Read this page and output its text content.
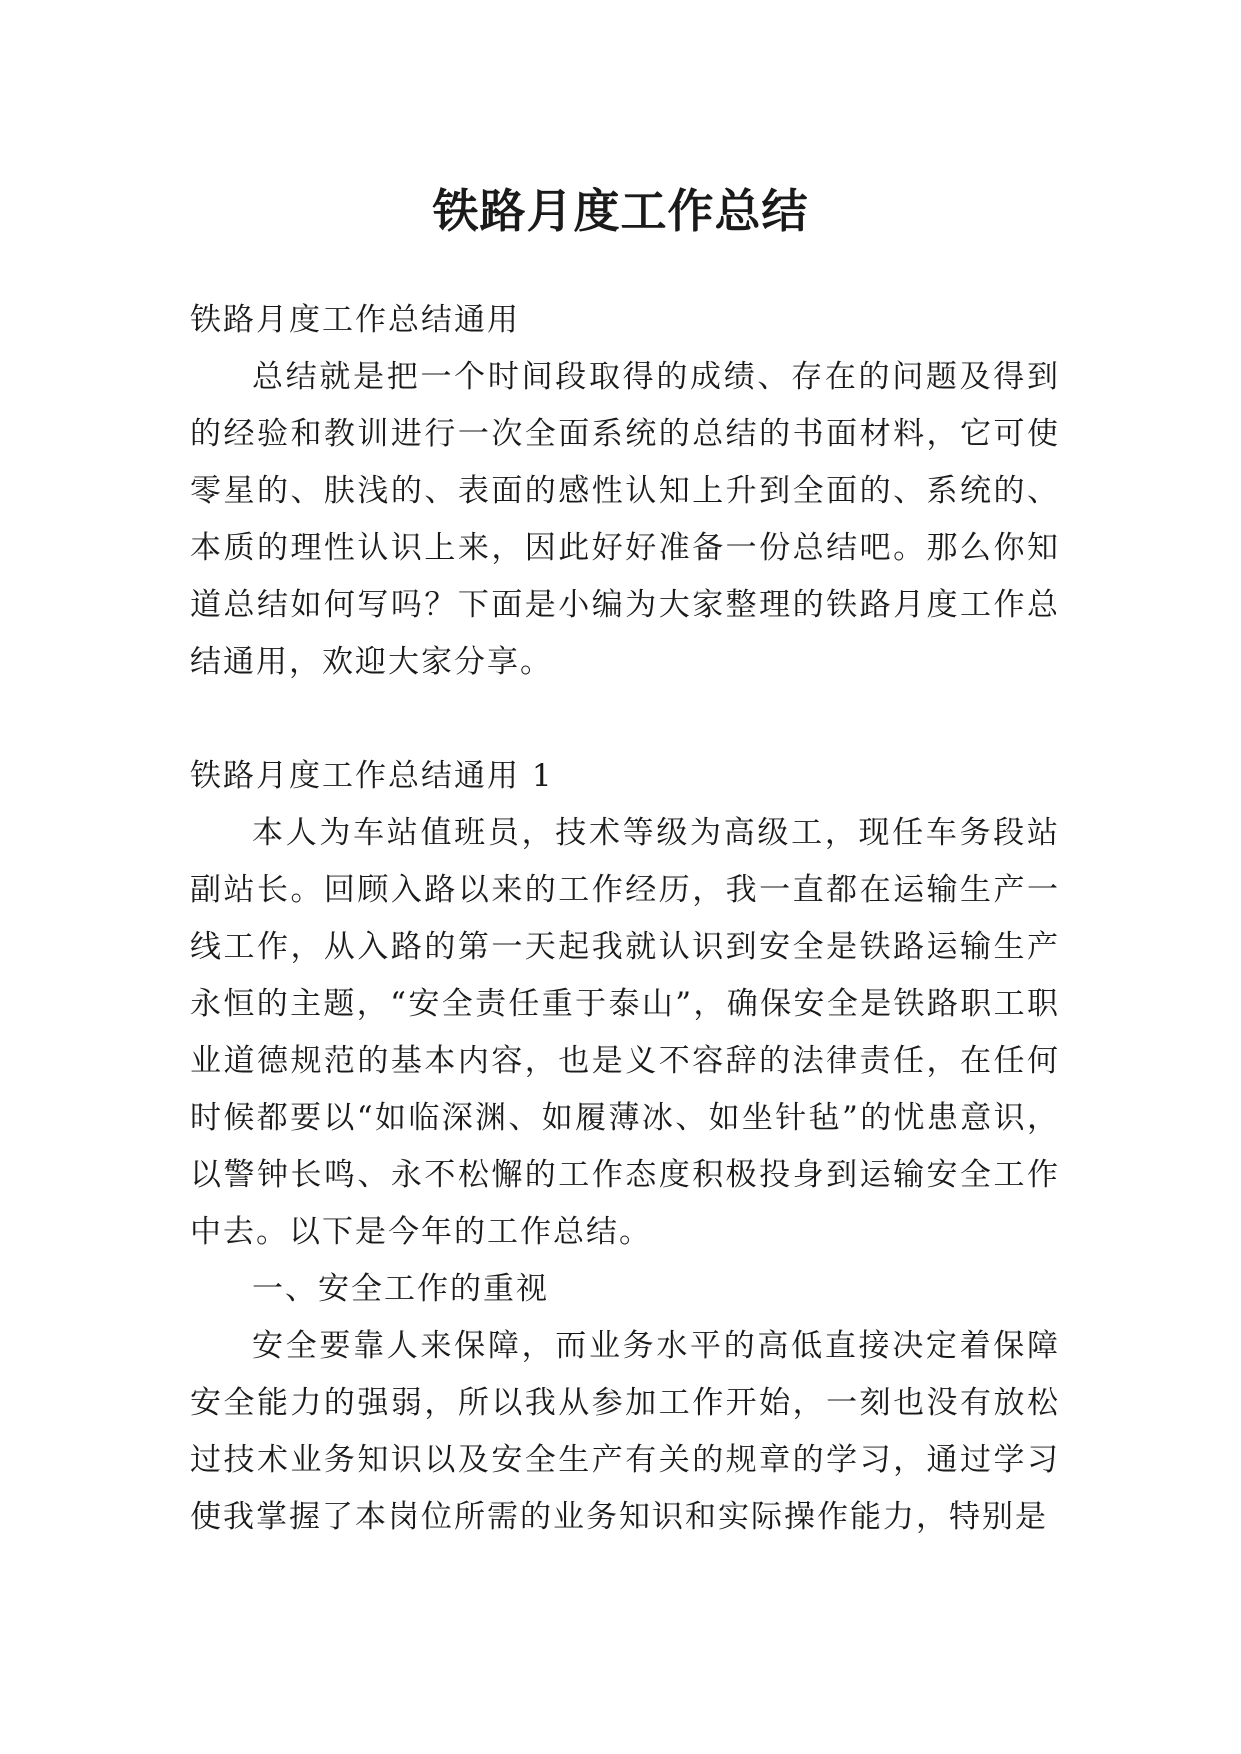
铁路月度工作总结

铁路月度工作总结通用

总结就是把一个时间段取得的成绩、存在的问题及得到的经验和教训进行一次全面系统的总结的书面材料，它可使零星的、肤浅的、表面的感性认知上升到全面的、系统的、本质的理性认识上来，因此好好准备一份总结吧。那么你知道总结如何写吗？下面是小编为大家整理的铁路月度工作总结通用，欢迎大家分享。

铁路月度工作总结通用 1

本人为车站值班员，技术等级为高级工，现任车务段站副站长。回顾入路以来的工作经历，我一直都在运输生产一线工作，从入路的第一天起我就认识到安全是铁路运输生产永恒的主题，“安全责任重于泰山”，确保安全是铁路职工职业道德规范的基本内容，也是义不容辞的法律责任，在任何时候都要以“如临深渊、如履薄冰、如坐针毡”的忧患意识，以警钟长鸣、永不松懈的工作态度积极投身到运输安全工作中去。以下是今年的工作总结。

一、安全工作的重视

安全要靠人来保障，而业务水平的高低直接决定着保障安全能力的强弱，所以我从参加工作开始，一刻也没有放松过技术业务知识以及安全生产有关的规章的学习，通过学习使我掌握了本岗位所需的业务知识和实际操作能力，特别是
